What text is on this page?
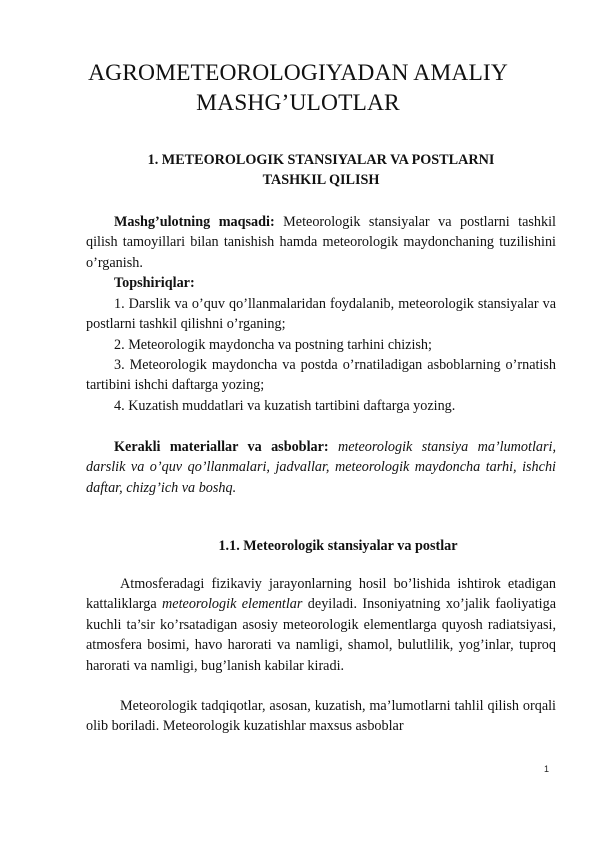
AGROMETEOROLOGIYADAN AMALIY
MASHG’ULOTLAR
1. METEOROLOGIK STANSIYALAR VA POSTLARNI
TASHKIL QILISH

Mashg’ulotning maqsadi: Meteorologik stansiyalar va postlarni tashkil qilish tamoyillari bilan tanishish hamda meteorologik maydonchaning tuzilishini o’rganish.

Topshiriqlar:

1. Darslik va o’quv qo’llanmalaridan foydalanib, meteorologik stansiyalar va postlarni tashkil qilishni o’rganing;

2. Meteorologik maydoncha va postning tarhini chizish;

3. Meteorologik maydoncha va postda o’rnatiladigan asboblarning o’rnatish tartibini ishchi daftarga yozing;

4. Kuzatish muddatlari va kuzatish tartibini daftarga yozing.

Kerakli materiallar va asboblar: meteorologik stansiya ma’lumotlari, darslik va o’quv qo’llanmalari, jadvallar, meteorologik maydoncha tarhi, ishchi daftar, chizg’ich va boshq.

1.1. Meteorologik stansiyalar va postlar

Atmosferadagi fizikaviy jarayonlarning hosil bo’lishida ishtirok etadigan kattaliklarga meteorologik elementlar deyiladi. Insoniyatning xo’jalik faoliyatiga kuchli ta’sir ko’rsatadigan asosiy meteorologik elementlarga quyosh radiatsiyasi, atmosfera bosimi, havo harorati va namligi, shamol, bulutlilik, yog’inlar, tuproq harorati va namligi, bug’lanish kabilar kiradi.

Meteorologik tadqiqotlar, asosan, kuzatish, ma’lumotlarni tahlil qilish orqali olib boriladi. Meteorologik kuzatishlar maxsus asboblar

1
